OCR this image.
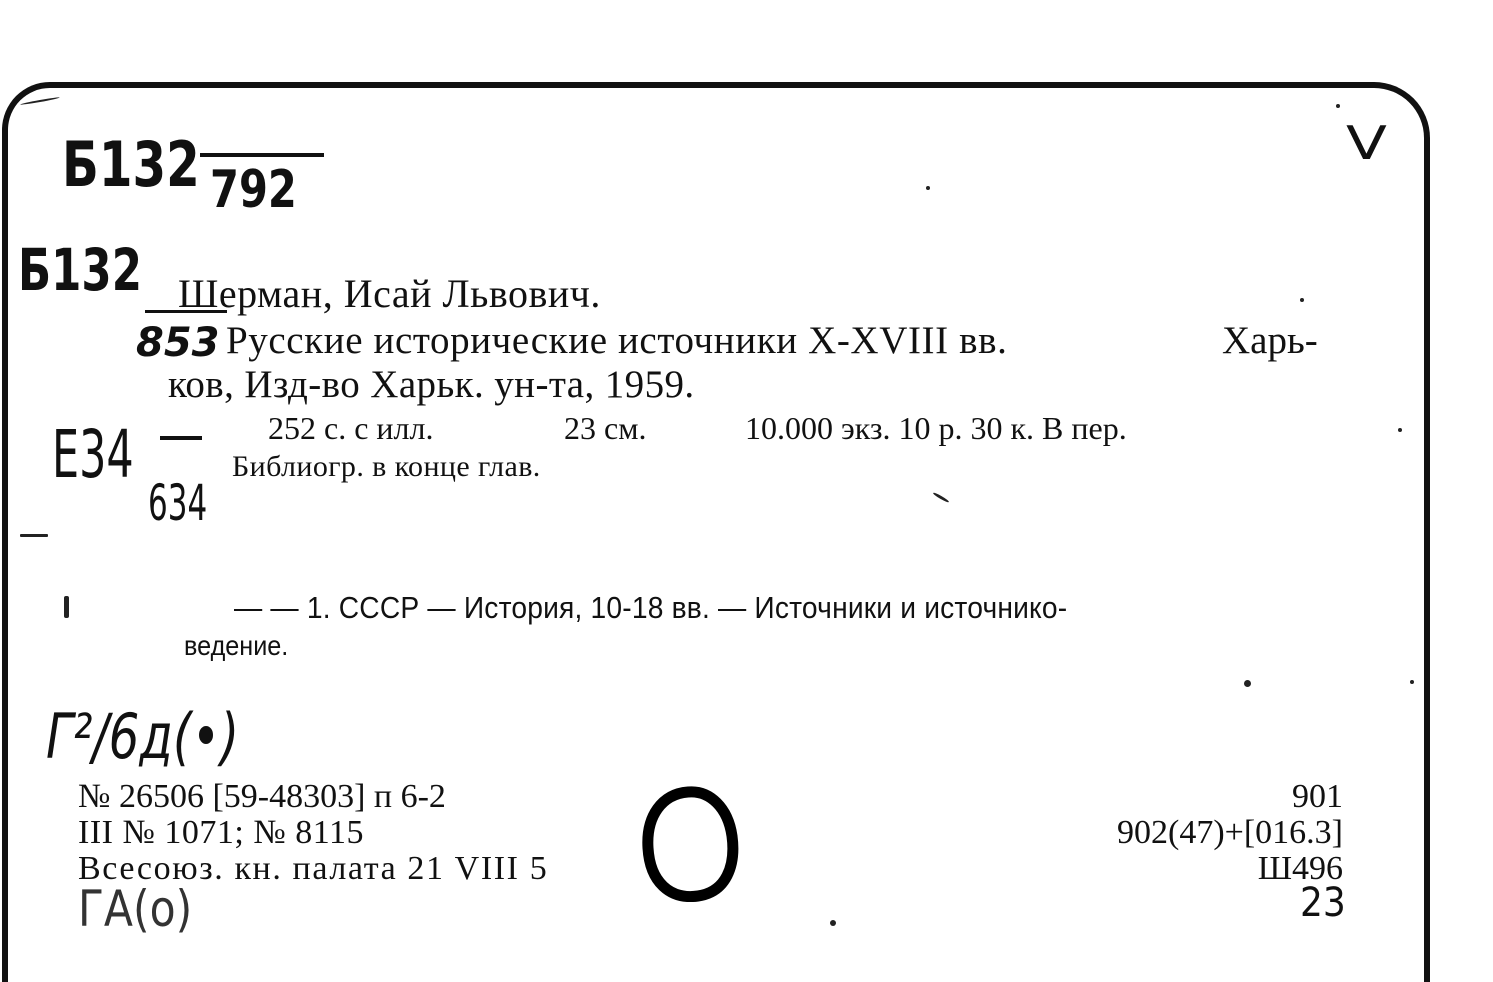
Б132 792
V
Б132
853
Е34
634
Г²/6д(•)
ГА(о)	23
Шерман, Исай Львович.
Русские исторические источники X-XVIII вв.	Харь-
ков, Изд-во Харьк. ун-та, 1959.
252 с. с илл.	23 см.	10.000 экз. 10 р. 30 к. В пер.
Библиогр. в конце глав.
— — 1. СССР — История, 10-18 вв. — Источники и источнико-
ведение.
№ 26506 [59-48303] п 6-2
III № 1071; № 8115
Всесоюз. кн. палата 21 VIII 5
901
902(47)+[016.3]
Ш496
